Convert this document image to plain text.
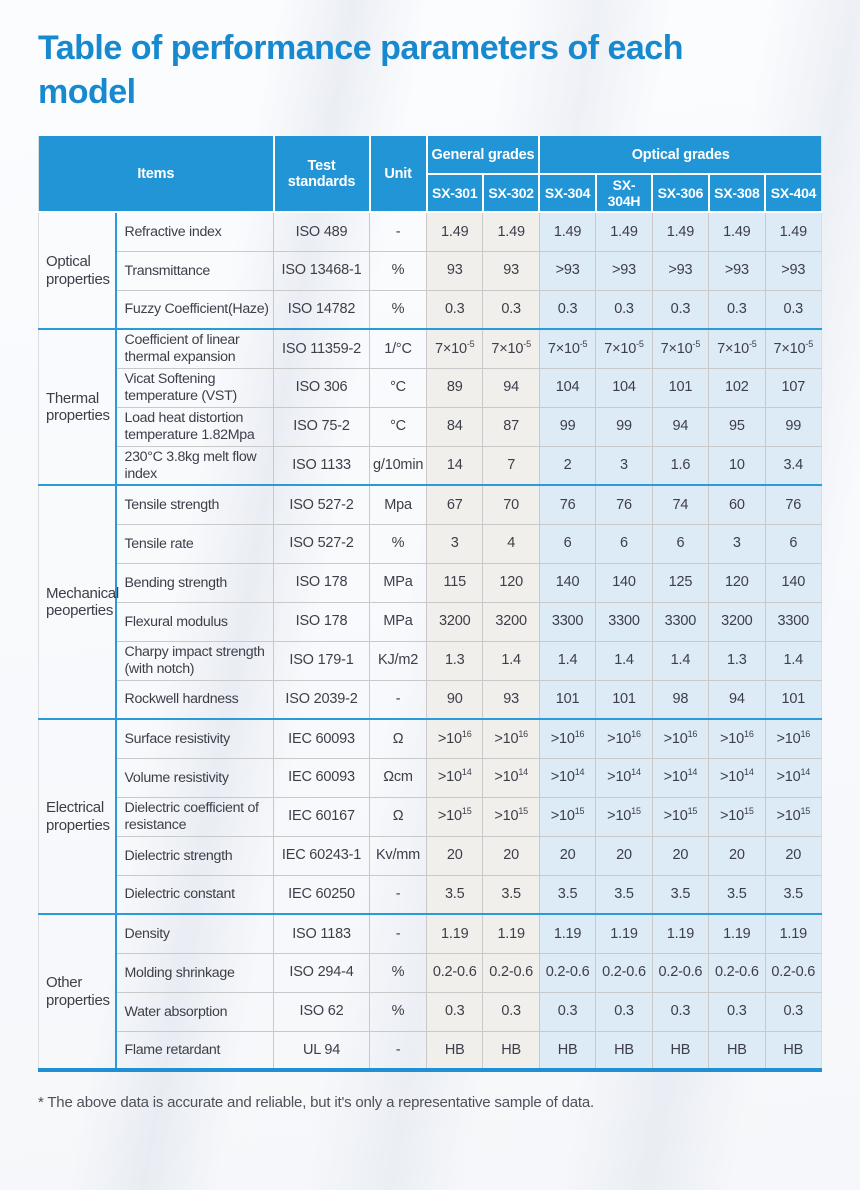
Table of performance parameters of each model
Items		Test standards	Unit	General grades		Optical grades				
				SX-301	SX-302	SX-304	SX-304H	SX-306	SX-308	SX-404
Optical properties	Refractive index	ISO 489	-	1.49	1.49	1.49	1.49	1.49	1.49	1.49
	Transmittance	ISO 13468-1	%	93	93	>93	>93	>93	>93	>93
	Fuzzy Coefficient(Haze)	ISO 14782	%	0.3	0.3	0.3	0.3	0.3	0.3	0.3
Thermal properties	Coefficient of linear thermal expansion	ISO 11359-2	1/°C	$7\times 10^{-5}$	$7\times 10^{-5}$	$7\times 10^{-5}$	$7\times 10^{-5}$	$7\times 10^{-5}$	$7\times 10^{-5}$	$7\times 10^{-5}$
	Vicat Softening temperature (VST)	ISO 306	°C	89	94	104	104	101	102	107
	Load heat distortion temperature 1.82Mpa	ISO 75-2	°C	84	87	99	99	94	95	99
	230°C 3.8kg melt flow index	ISO 1133	g/10min	14	7	2	3	1.6	10	3.4
Mechanical peoperties	Tensile strength	ISO 527-2	Mpa	67	70	76	76	74	60	76
	Tensile rate	ISO 527-2	%	3	4	6	6	6	3	6
	Bending strength	ISO 178	MPa	115	120	140	140	125	120	140
	Flexural modulus	ISO 178	MPa	3200	3200	3300	3300	3300	3200	3300
	Charpy impact strength (with notch)	ISO 179-1	KJ/m2	1.3	1.4	1.4	1.4	1.4	1.3	1.4
	Rockwell hardness	ISO 2039-2	-	90	93	101	101	98	94	101
Electrical properties	Surface resistivity	IEC 60093	Ω	$>10^{16}$	$>10^{16}$	$>10^{16}$	$>10^{16}$	$>10^{16}$	$>10^{16}$	$>10^{16}$
	Volume resistivity	IEC 60093	Ωcm	$>10^{14}$	$>10^{14}$	$>10^{14}$	$>10^{14}$	$>10^{14}$	$>10^{14}$	$>10^{14}$
	Dielectric coefficient of resistance	IEC 60167	Ω	$>10^{15}$	$>10^{15}$	$>10^{15}$	$>10^{15}$	$>10^{15}$	$>10^{15}$	$>10^{15}$
	Dielectric strength	IEC 60243-1	Kv/mm	20	20	20	20	20	20	20
	Dielectric constant	IEC 60250	-	3.5	3.5	3.5	3.5	3.5	3.5	3.5
Other properties	Density	ISO 1183	-	1.19	1.19	1.19	1.19	1.19	1.19	1.19
	Molding shrinkage	ISO 294-4	%	0.2-0.6	0.2-0.6	0.2-0.6	0.2-0.6	0.2-0.6	0.2-0.6	0.2-0.6
	Water absorption	ISO 62	%	0.3	0.3	0.3	0.3	0.3	0.3	0.3
	Flame retardant	UL 94	-	HB	HB	HB	HB	HB	HB	HB

* The above data is accurate and reliable, but it's only a representative sample of data.
